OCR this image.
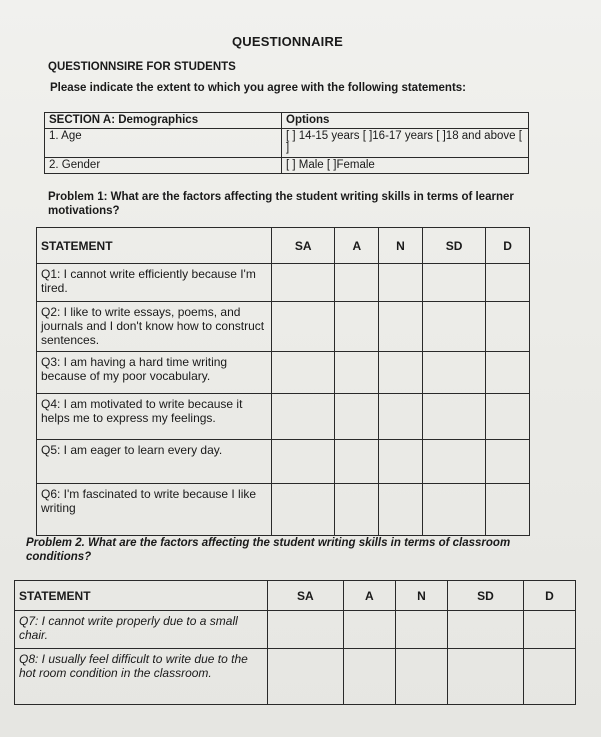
QUESTIONNAIRE
QUESTIONNSIRE FOR STUDENTS
Please indicate the extent to which you agree with the following statements:
SECTION A: Demographics	Options
1. Age	[ ] 14-15 years [ ]16-17 years [ ]18 and above [ ]
2. Gender	[ ] Male [ ]Female
Problem 1: What are the factors affecting the student writing skills in terms of learner motivations?
STATEMENT	SA	A	N	SD	D
Q1: I cannot write efficiently because I'm tired.					
Q2: I like to write essays, poems, and journals and I don't know how to construct sentences.					
Q3: I am having a hard time writing because of my poor vocabulary.					
Q4: I am motivated to write because it helps me to express my feelings.					
Q5: I am eager to learn every day.					
Q6: I'm fascinated to write because I like writing					
Problem 2. What are the factors affecting the student writing skills in terms of classroom conditions?
STATEMENT	SA	A	N	SD	D
Q7: I cannot write properly due to a small chair.					
Q8: I usually feel difficult to write due to the hot room condition in the classroom.					
